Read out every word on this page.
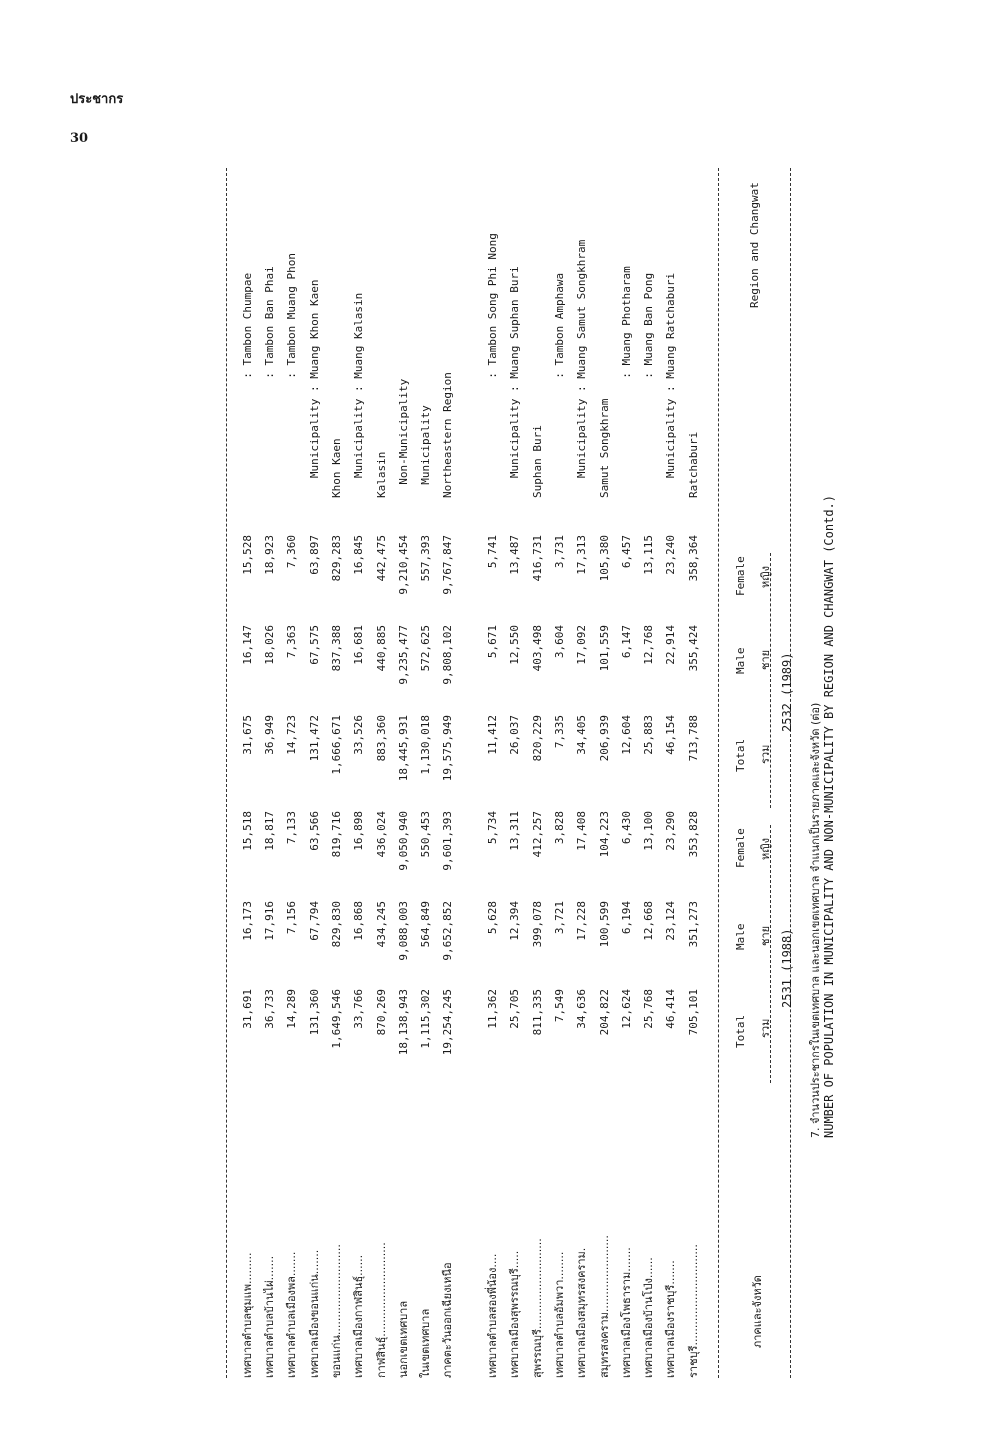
ประชากร
30
7. จำนวนประชากรในเขตเทศบาล และนอกเขตเทศบาล จำแนกเป็นรายภาคและจังหวัด (ต่อ) NUMBER OF POPULATION IN MUNICIPALITY AND NON-MUNICIPALITY BY REGION AND CHANGWAT (Contd.)
2531 (1988)
2532 (1989)
ภาคและจังหวัด
Region and Changwat
รวม
Total
ชาย
Male
หญิง
Female
รวม
Total
ชาย
Male
หญิง
Female
ราชบุรี.............................
705,101
351,273
353,828
713,788
355,424
358,364
Ratchaburi
เทศบาลเมืองราชบุรี.......
46,414
23,124
23,290
46,154
22,914
23,240
Municipality : Muang Ratchaburi
เทศบาลเมืองบ้านโป่ง......
25,768
12,668
13,100
25,883
12,768
13,115
: Muang Ban Pong
เทศบาลเมืองโพธาราม.......
12,624
6,194
6,430
12,604
6,147
6,457
: Muang Photharam
สมุทรสงคราม......................
204,822
100,599
104,223
206,939
101,559
105,380
Samut Songkhram
เทศบาลเมืองสมุทรสงคราม.
34,636
17,228
17,408
34,405
17,092
17,313
Municipality : Muang Samut Songkhram
เทศบาลตำบลอัมพวา........
7,549
3,721
3,828
7,335
3,604
3,731
: Tambon Amphawa
สุพรรณบุรี..........................
811,335
399,078
412,257
820,229
403,498
416,731
Suphan Buri
เทศบาลเมืองสุพรรณบุรี.....
25,705
12,394
13,311
26,037
12,550
13,487
Municipality : Muang Suphan Buri
เทศบาลตำบลสองพี่น้อง....
11,362
5,628
5,734
11,412
5,671
5,741
: Tambon Song Phi Nong
ภาคตะวันออกเฉียงเหนือ
19,254,245
9,652,852
9,601,393
19,575,949
9,808,102
9,767,847
Northeastern Region
ในเขตเทศบาล
1,115,302
564,849
550,453
1,130,018
572,625
557,393
Municipality
นอกเขตเทศบาล
18,138,943
9,088,003
9,050,940
18,445,931
9,235,477
9,210,454
Non-Municipality
กาฬสินธุ์...........................
870,269
434,245
436,024
883,360
440,885
442,475
Kalasin
เทศบาลเมืองกาฬสินธุ์......
33,766
16,868
16,898
33,526
16,681
16,845
Municipality : Muang Kalasin
ขอนแก่น..........................
1,649,546
829,830
819,716
1,666,671
837,388
829,283
Khon Kaen
เทศบาลเมืองขอนแก่น.......
131,360
67,794
63,566
131,472
67,575
63,897
Municipality : Muang Khon Kaen
เทศบาลตำบลเมืองพล.......
14,289
7,156
7,133
14,723
7,363
7,360
: Tambon Muang Phon
เทศบาลตำบลบ้านไผ่.......
36,733
17,916
18,817
36,949
18,026
18,923
: Tambon Ban Phai
เทศบาลตำบลชุมแพ.........
31,691
16,173
15,518
31,675
16,147
15,528
: Tambon Chumpae
